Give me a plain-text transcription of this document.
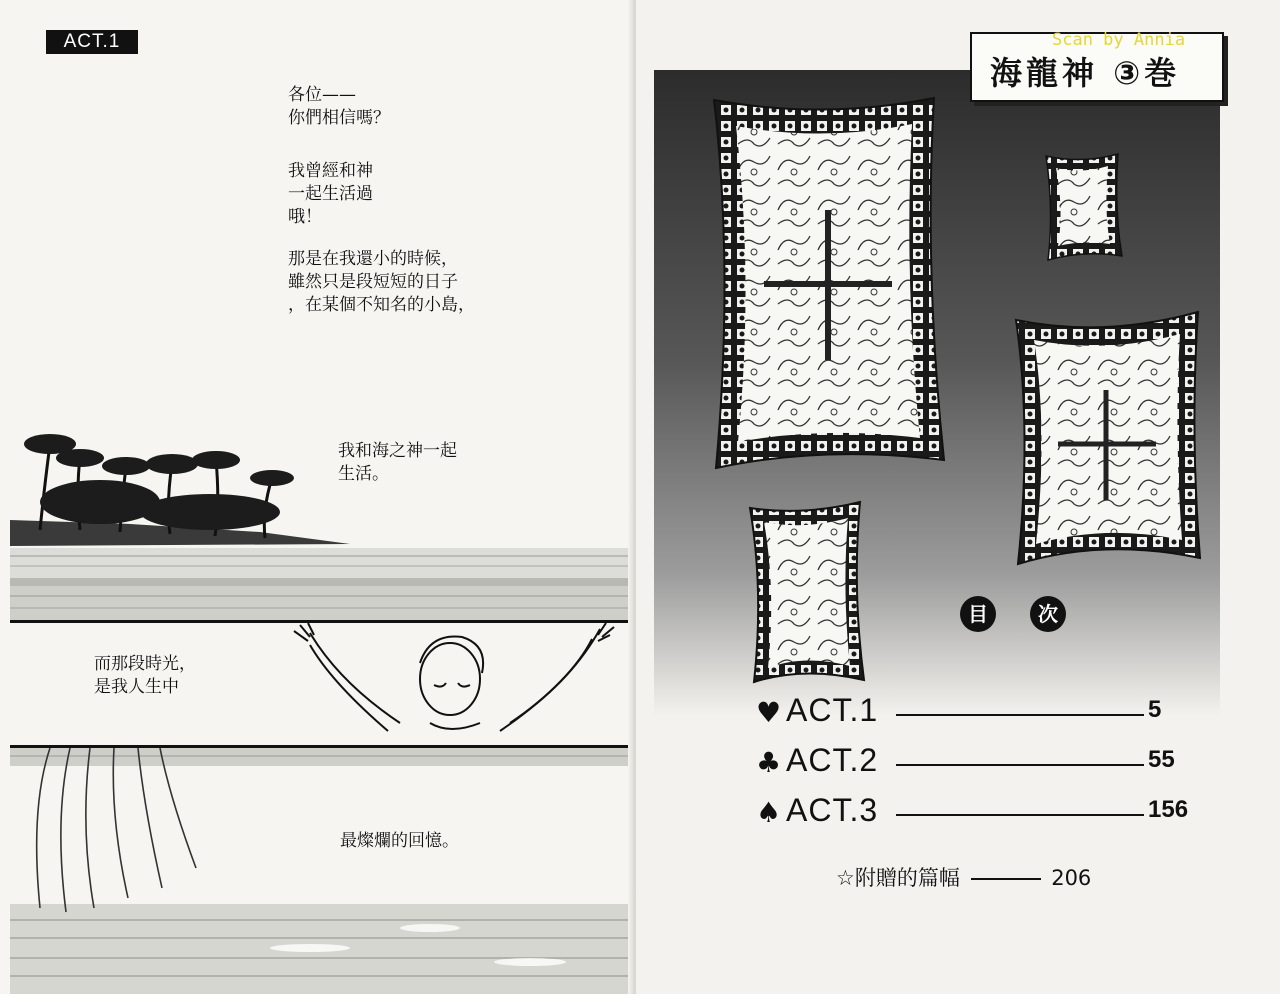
ACT.1
各位——
你們相信嗎？
我曾經和神
一起生活過
哦！
那是在我還小的時候，
雖然只是段短短的日子
，在某個不知名的小島，
我和海之神一起
生活。
而那段時光，
是我人生中
最燦爛的回憶。
海龍神 ③巻
Scan by Annia
目	次
♥ ACT.1	5
♣ ACT.2	55
♠ ACT.3	156
☆附贈的篇幅	206
